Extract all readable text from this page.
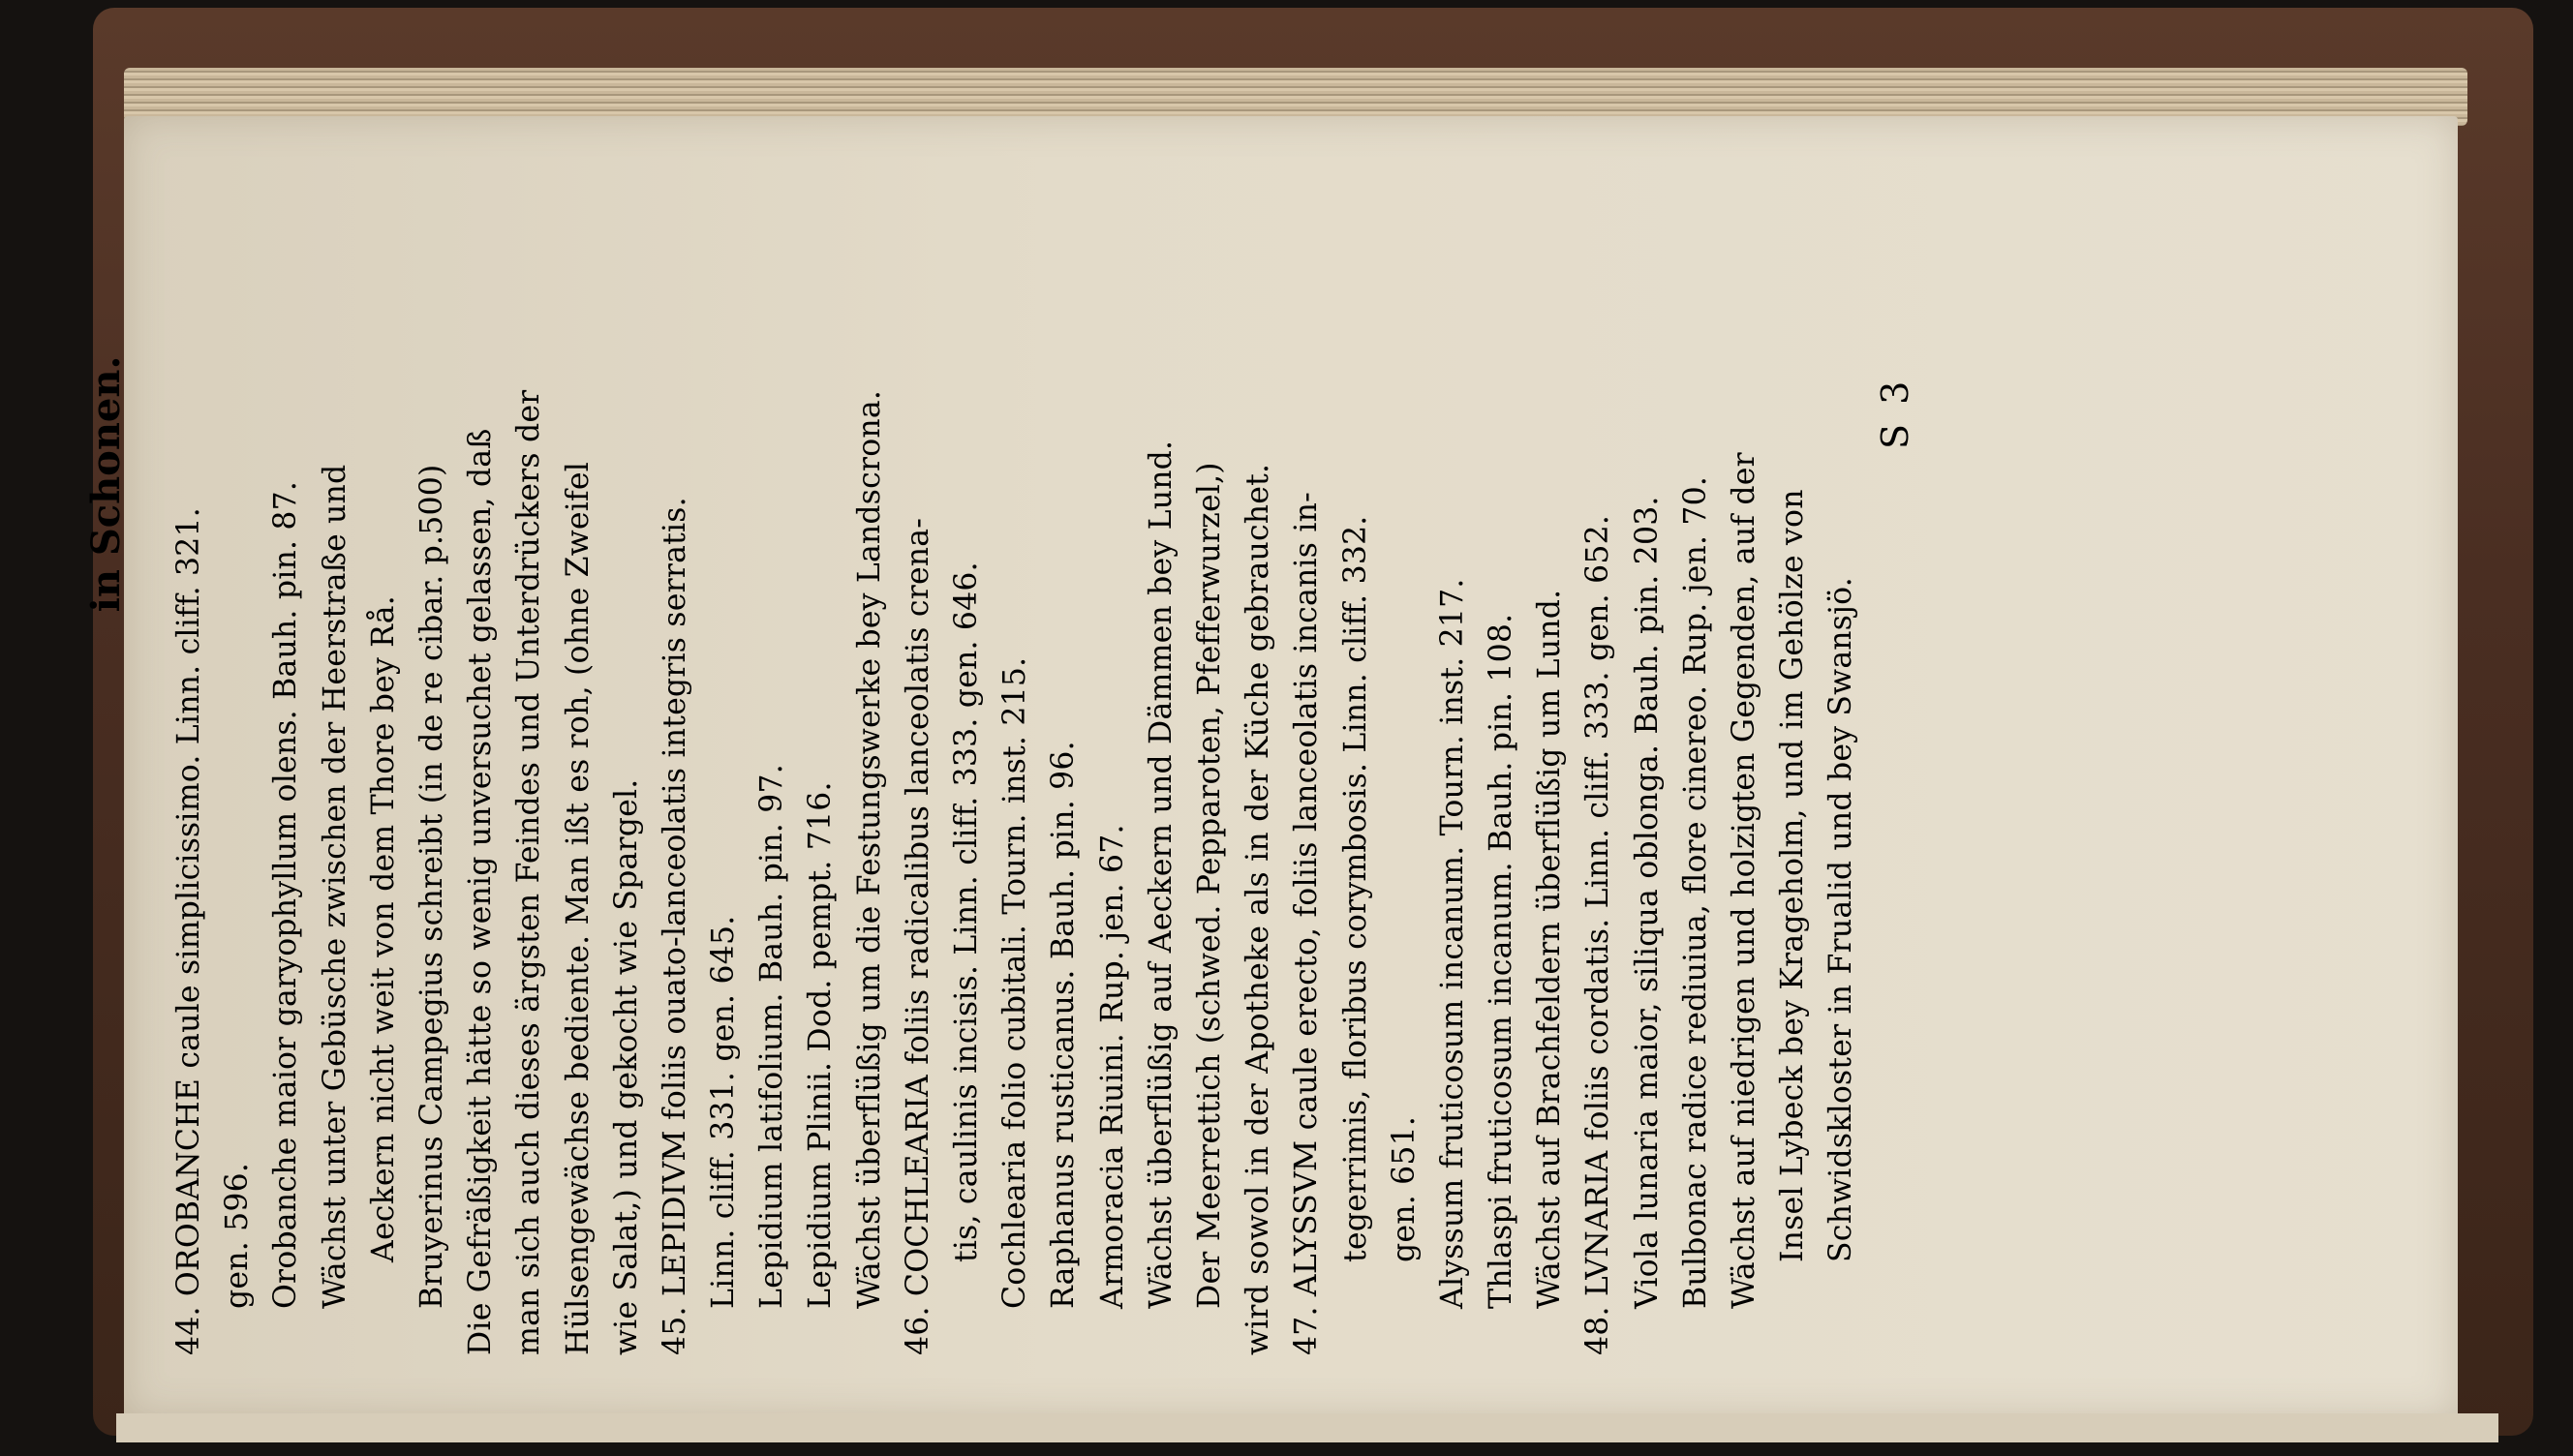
in Schonen.
44. OROBANCHE caule simplicissimo. Linn. cliff. 321. gen. 596. Orobanche maior garyophyllum olens. Bauh. pin. 87. Wächst unter Gebüsche zwischen der Heerstraße und Aeckern nicht weit von dem Thore bey Rå. Bruyerinus Campegius schreibt (in de re cibar. p.500) Die Gefräßigkeit hätte so wenig unversuchet gelassen, daß man sich auch dieses ärgsten Feindes und Unterdrückers der Hülsengewächse bediente. Man ißt es roh, (ohne Zweifel wie Salat,) und gekocht wie Spargel. 45. LEPIDIVM foliis ouato-lanceolatis integris serratis. Linn. cliff. 331. gen. 645. Lepidium latifolium. Bauh. pin. 97. Lepidium Plinii. Dod. pempt. 716. Wächst überflüßig um die Festungswerke bey Landscrona. 46. COCHLEARIA foliis radicalibus lanceolatis crena- tis, caulinis incisis. Linn. cliff. 333. gen. 646. Cochlearia folio cubitali. Tourn. inst. 215. Raphanus rusticanus. Bauh. pin. 96. Armoracia Riuini. Rup. jen. 67. Wächst überflüßig auf Aeckern und Dämmen bey Lund. Der Meerrettich (schwed. Pepparoten, Pfefferwurzel,) wird sowol in der Apotheke als in der Küche gebrauchet. 47. ALYSSVM caule erecto, foliis lanceolatis incanis in- tegerrimis, floribus corymbosis. Linn. cliff. 332. gen. 651. Alyssum fruticosum incanum. Tourn. inst. 217. Thlaspi fruticosum incanum. Bauh. pin. 108. Wächst auf Brachfeldern überflüßig um Lund. 48. LVNARIA foliis cordatis. Linn. cliff. 333. gen. 652. Viola lunaria maior, siliqua oblonga. Bauh. pin. 203. Bulbonac radice rediuiua, flore cinereo. Rup. jen. 70. Wächst auf niedrigen und holzigten Gegenden, auf der Insel Lybeck bey Krageholm, und im Gehölze von Schwidskloster in Frualid und bey Swansjö.
S 3
